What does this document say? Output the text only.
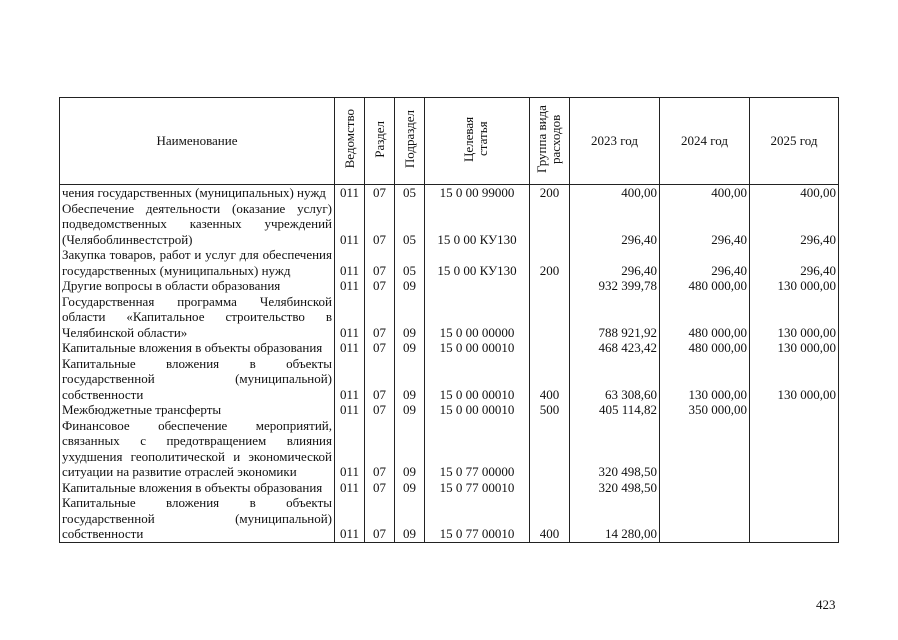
Наименование	Ведомство	Раздел	Подраздел	Целевая статья	Группа вида расходов	2023 год	2024 год	2025 год
чения государственных (муниципальных) нужд	011	07	05	15 0 00 99000	200	400,00	400,00	400,00
Обеспечение деятельности (оказание услуг) подведомственных казенных учреждений (Челябоблинвестстрой)	011	07	05	15 0 00 КУ130		296,40	296,40	296,40
Закупка товаров, работ и услуг для обеспечения государственных (муниципальных) нужд	011	07	05	15 0 00 КУ130	200	296,40	296,40	296,40
Другие вопросы в области образования	011	07	09			932 399,78	480 000,00	130 000,00
Государственная программа Челябинской области «Капитальное строительство в Челябинской области»	011	07	09	15 0 00 00000		788 921,92	480 000,00	130 000,00
Капитальные вложения в объекты образования	011	07	09	15 0 00 00010		468 423,42	480 000,00	130 000,00
Капитальные вложения в объекты государственной (муниципальной) собственности	011	07	09	15 0 00 00010	400	63 308,60	130 000,00	130 000,00
Межбюджетные трансферты	011	07	09	15 0 00 00010	500	405 114,82	350 000,00	
Финансовое обеспечение мероприятий, связанных с предотвращением влияния ухудшения геополитической и экономической ситуации на развитие отраслей экономики	011	07	09	15 0 77 00000		320 498,50		
Капитальные вложения в объекты образования	011	07	09	15 0 77 00010		320 498,50		
Капитальные вложения в объекты государственной (муниципальной) собственности	011	07	09	15 0 77 00010	400	14 280,00		
423
